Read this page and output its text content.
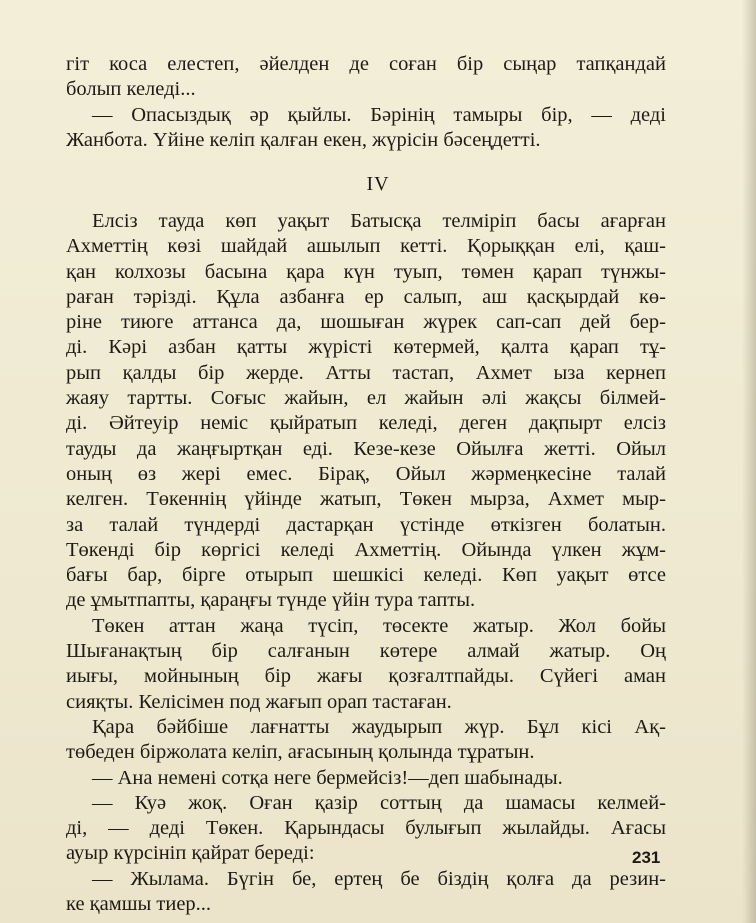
гіт коса елестеп, әйелден де соған бір сыңар тапқандай
болып келеді...
— Опасыздық әр қыйлы. Бәрінің тамыры бір, — деді
Жанбота. Үйіне келіп қалған екен, жүрісін бәсеңдетті.
IV
Елсіз тауда көп уақыт Батысқа телміріп басы ағарған
Ахметтің көзі шайдай ашылып кетті. Қорыққан елі, қаш-
қан колхозы басына қара күн туып, төмен қарап түнжы-
раған тәрізді. Құла азбанға ер салып, аш қасқырдай кө-
ріне тиюге аттанса да, шошыған жүрек сап-сап дей бер-
ді. Кәрі азбан қатты жүрісті көтермей, қалта қарап тұ-
рып қалды бір жерде. Атты тастап, Ахмет ыза кернеп
жаяу тартты. Соғыс жайын, ел жайын әлі жақсы білмей-
ді. Әйтеуір неміс қыйратып келеді, деген дақпырт елсіз
тауды да жаңғыртқан еді. Кезе-кезе Ойылға жетті. Ойыл
оның өз жері емес. Бірақ, Ойыл жәрмеңкесіне талай
келген. Төкеннің үйінде жатып, Төкен мырза, Ахмет мыр-
за талай түндерді дастарқан үстінде өткізген болатын.
Төкенді бір көргісі келеді Ахметтің. Ойында үлкен жұм-
бағы бар, бірге отырып шешкісі келеді. Көп уақыт өтсе
де ұмытпапты, қараңғы түнде үйін тура тапты.
Төкен аттан жаңа түсіп, төсекте жатыр. Жол бойы
Шығанақтың бір салғанын көтере алмай жатыр. Оң
иығы, мойнының бір жағы қозғалтпайды. Сүйегі аман
сияқты. Келісімен под жағып орап тастаған.
Қара бәйбіше лағнатты жаудырып жүр. Бұл кісі Ақ-
төбеден біржолата келіп, ағасының қолында тұратын.
— Ана немені сотқа неге бермейсіз!—деп шабынады.
— Куә жоқ. Оған қазір соттың да шамасы келмей-
ді, — деді Төкен. Қарындасы булығып жылайды. Ағасы
ауыр күрсініп қайрат береді:
— Жылама. Бүгін бе, ертең бе біздің қолға да резин-
ке қамшы тиер...
231
